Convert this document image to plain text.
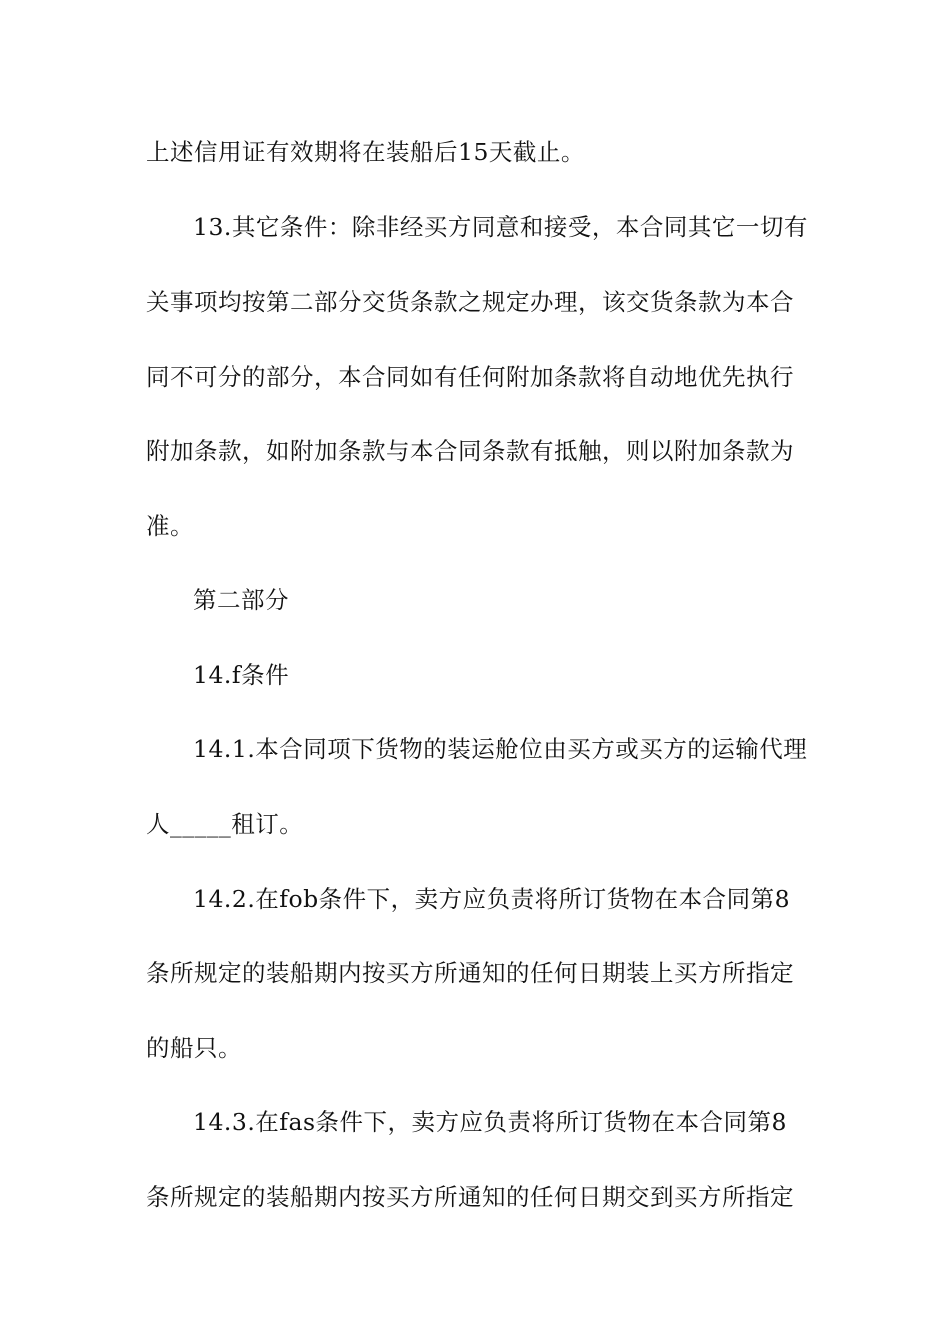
上述信用证有效期将在装船后15天截止。
13.其它条件：除非经买方同意和接受，本合同其它一切有
关事项均按第二部分交货条款之规定办理，该交货条款为本合
同不可分的部分，本合同如有任何附加条款将自动地优先执行
附加条款，如附加条款与本合同条款有抵触，则以附加条款为
准。
第二部分
14.f条件
14.1.本合同项下货物的装运舱位由买方或买方的运输代理
人_____租订。
14.2.在fob条件下，卖方应负责将所订货物在本合同第8
条所规定的装船期内按买方所通知的任何日期装上买方所指定
的船只。
14.3.在fas条件下，卖方应负责将所订货物在本合同第8
条所规定的装船期内按买方所通知的任何日期交到买方所指定
